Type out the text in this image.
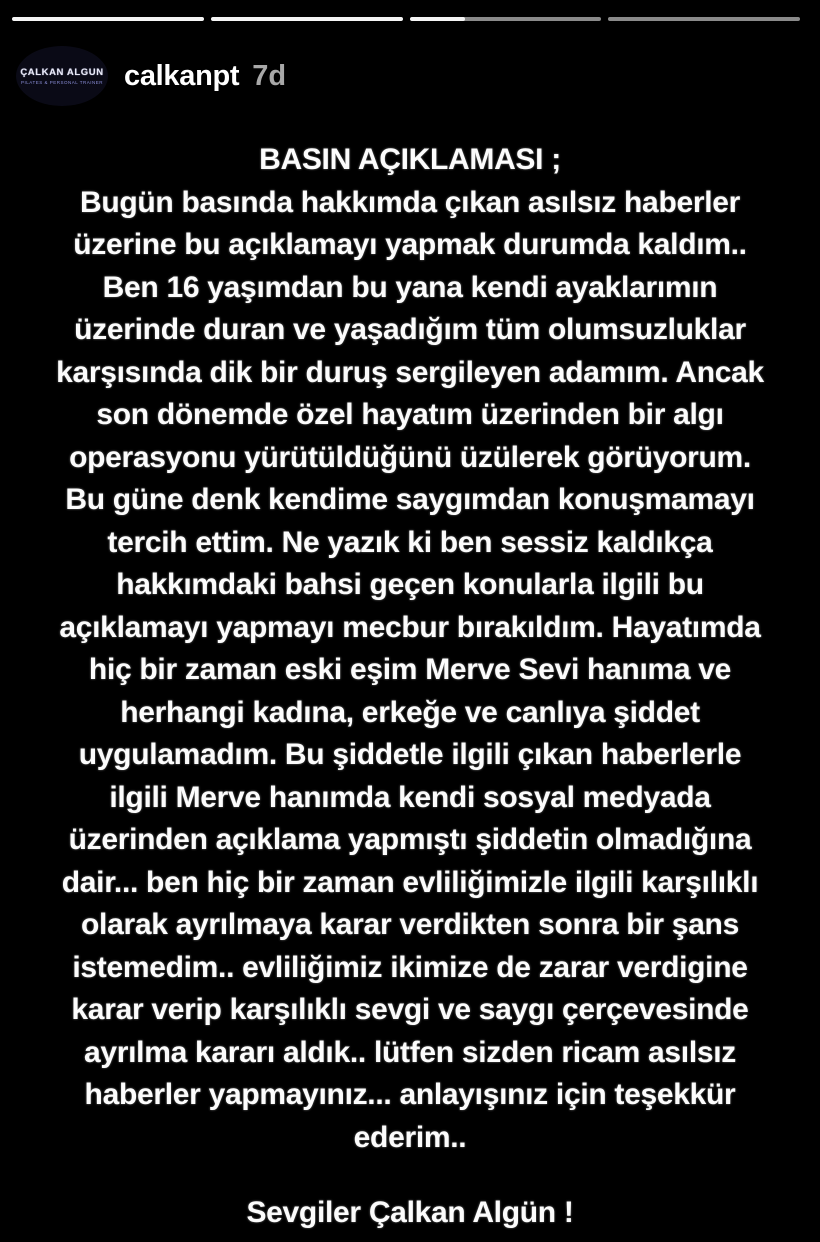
ÇALKAN ALGUN
PILATES & PERSONAL TRAINER calkanpt 7d
BASIN AÇIKLAMASI ;
Bugün basında hakkımda çıkan asılsız haberler
üzerine bu açıklamayı yapmak durumda kaldım..
Ben 16 yaşımdan bu yana kendi ayaklarımın
üzerinde duran ve yaşadığım tüm olumsuzluklar
karşısında dik bir duruş sergileyen adamım. Ancak
son dönemde özel hayatım üzerinden bir algı
operasyonu yürütüldüğünü üzülerek görüyorum.
Bu güne denk kendime saygımdan konuşmamayı
tercih ettim. Ne yazık ki ben sessiz kaldıkça
hakkımdaki bahsi geçen konularla ilgili bu
açıklamayı yapmayı mecbur bırakıldım. Hayatımda
hiç bir zaman eski eşim Merve Sevi hanıma ve
herhangi kadına, erkeğe ve canlıya şiddet
uygulamadım. Bu şiddetle ilgili çıkan haberlerle
ilgili Merve hanımda kendi sosyal medyada
üzerinden açıklama yapmıştı şiddetin olmadığına
dair... ben hiç bir zaman evliliğimizle ilgili karşılıklı
olarak ayrılmaya karar verdikten sonra bir şans
istemedim.. evliliğimiz ikimize de zarar verdigine
karar verip karşılıklı sevgi ve saygı çerçevesinde
ayrılma kararı aldık.. lütfen sizden ricam asılsız
haberler yapmayınız... anlayışınız için teşekkür
ederim..
Sevgiler Çalkan Algün !
